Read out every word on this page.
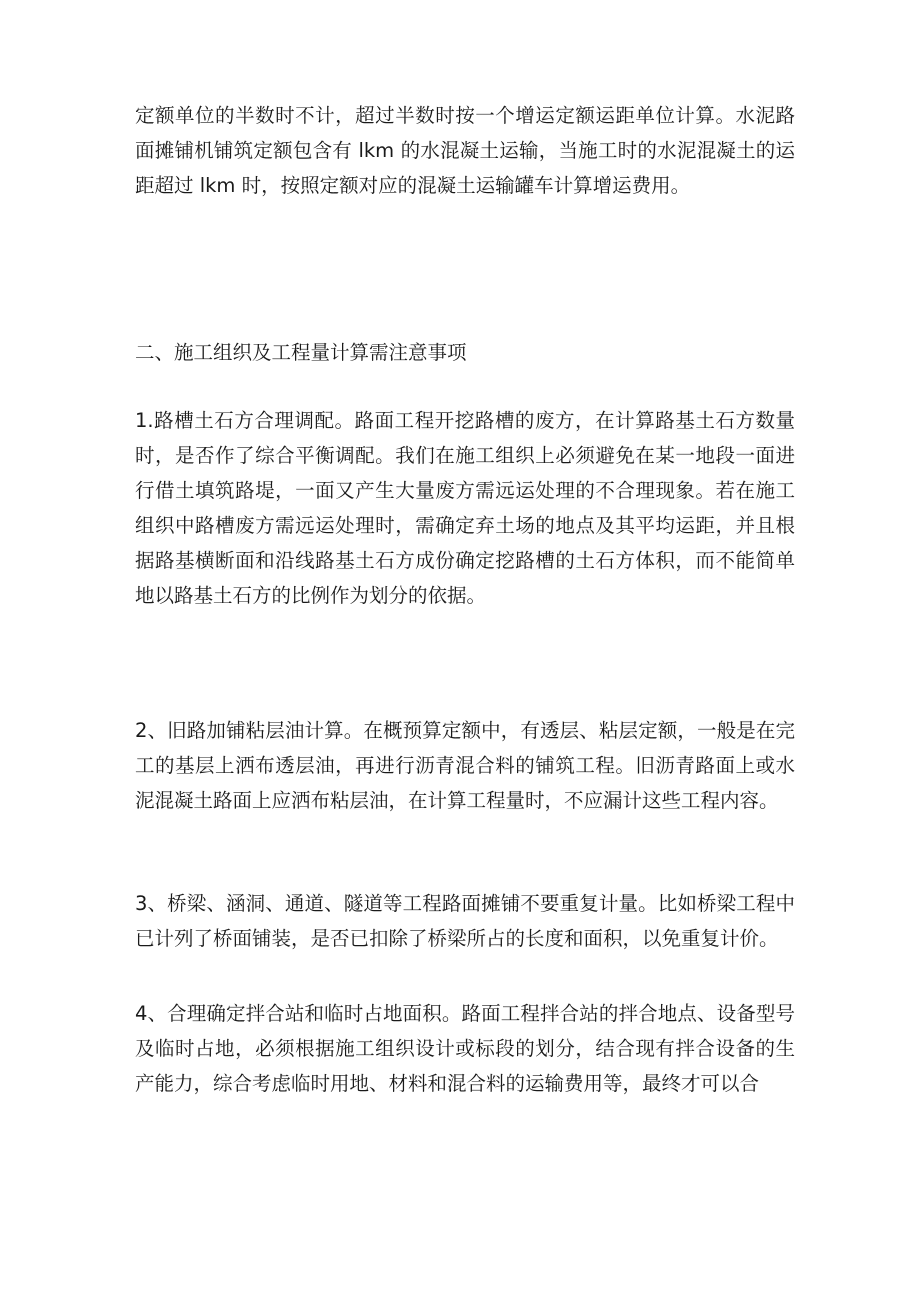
定额单位的半数时不计，超过半数时按一个增运定额运距单位计算。水泥路面摊铺机铺筑定额包含有 lkm 的水混凝土运输，当施工时的水泥混凝土的运距超过 lkm 时，按照定额对应的混凝土运输罐车计算增运费用。

二、施工组织及工程量计算需注意事项

1.路槽土石方合理调配。路面工程开挖路槽的废方，在计算路基土石方数量时，是否作了综合平衡调配。我们在施工组织上必须避免在某一地段一面进行借土填筑路堤，一面又产生大量废方需远运处理的不合理现象。若在施工组织中路槽废方需远运处理时，需确定弃土场的地点及其平均运距，并且根据路基横断面和沿线路基土石方成份确定挖路槽的土石方体积，而不能简单地以路基土石方的比例作为划分的依据。

2、旧路加铺粘层油计算。在概预算定额中，有透层、粘层定额，一般是在完工的基层上洒布透层油，再进行沥青混合料的铺筑工程。旧沥青路面上或水泥混凝土路面上应洒布粘层油，在计算工程量时，不应漏计这些工程内容。

3、桥梁、涵洞、通道、隧道等工程路面摊铺不要重复计量。比如桥梁工程中已计列了桥面铺装，是否已扣除了桥梁所占的长度和面积，以免重复计价。

4、合理确定拌合站和临时占地面积。路面工程拌合站的拌合地点、设备型号及临时占地，必须根据施工组织设计或标段的划分，结合现有拌合设备的生产能力，综合考虑临时用地、材料和混合料的运输费用等，最终才可以合
